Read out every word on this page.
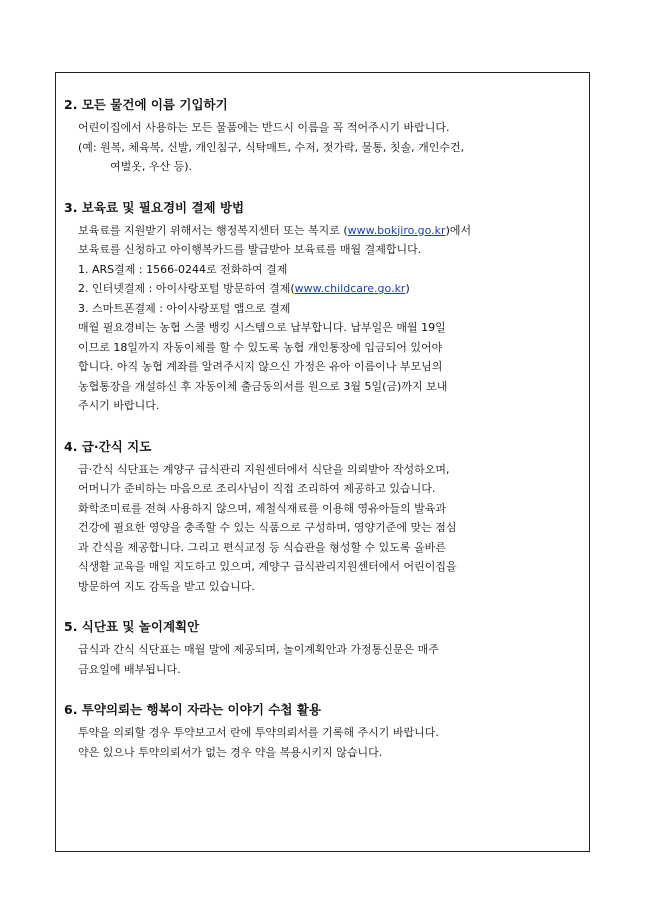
2. 모든 물건에 이름 기입하기

어린이집에서 사용하는 모든 물품에는 반드시 이름을 꼭 적어주시기 바랍니다.

(예: 원복, 체육복, 신발, 개인침구, 식탁매트, 수저, 젓가락, 물통, 칫솔, 개인수건,

여벌옷, 우산 등).

3. 보육료 및 필요경비 결제 방법

보육료를 지원받기 위해서는 행정복지센터 또는 복지로 (www.bokjiro.go.kr)에서

보육료를 신청하고 아이행복카드를 발급받아 보육료를 매월 결제합니다.

1. ARS결제 : 1566-0244로 전화하여 결제
2. 인터넷결제 : 아이사랑포털 방문하여 결제(www.childcare.go.kr)
3. 스마트폰결제 : 아이사랑포털 앱으로 결제

매월 필요경비는 농협 스쿨 뱅킹 시스템으로 납부합니다. 납부일은 매월 19일

이므로 18일까지 자동이체를 할 수 있도록 농협 개인통장에 입금되어 있어야

합니다. 아직 농협 계좌를 알려주시지 않으신 가정은 유아 이름이나 부모님의

농협통장을 개설하신 후 자동이체 출금동의서를 원으로 3월 5일(금)까지 보내

주시기 바랍니다.

4. 급·간식 지도

급·간식 식단표는 계양구 급식관리 지원센터에서 식단을 의뢰받아 작성하오며,

어머니가 준비하는 마음으로 조리사님이 직접 조리하여 제공하고 있습니다.

화학조미료를 전혀 사용하지 않으며, 제철식재료를 이용해 영유아들의 발육과

건강에 필요한 영양을 충족할 수 있는 식품으로 구성하며, 영양기준에 맞는 점심

과 간식을 제공합니다. 그리고 편식교정 등 식습관을 형성할 수 있도록 올바른

식생활 교육을 매일 지도하고 있으며, 계양구 급식관리지원센터에서 어린이집을

방문하여 지도 감독을 받고 있습니다.

5. 식단표 및 놀이계획안

급식과 간식 식단표는 매월 말에 제공되며, 놀이계획안과 가정통신문은 매주

금요일에 배부됩니다.

6. 투약의뢰는 행복이 자라는 이야기 수첩 활용

투약을 의뢰할 경우 투약보고서 란에 투약의뢰서를 기록해 주시기 바랍니다.

약은 있으나 투약의뢰서가 없는 경우 약을 복용시키지 않습니다.
